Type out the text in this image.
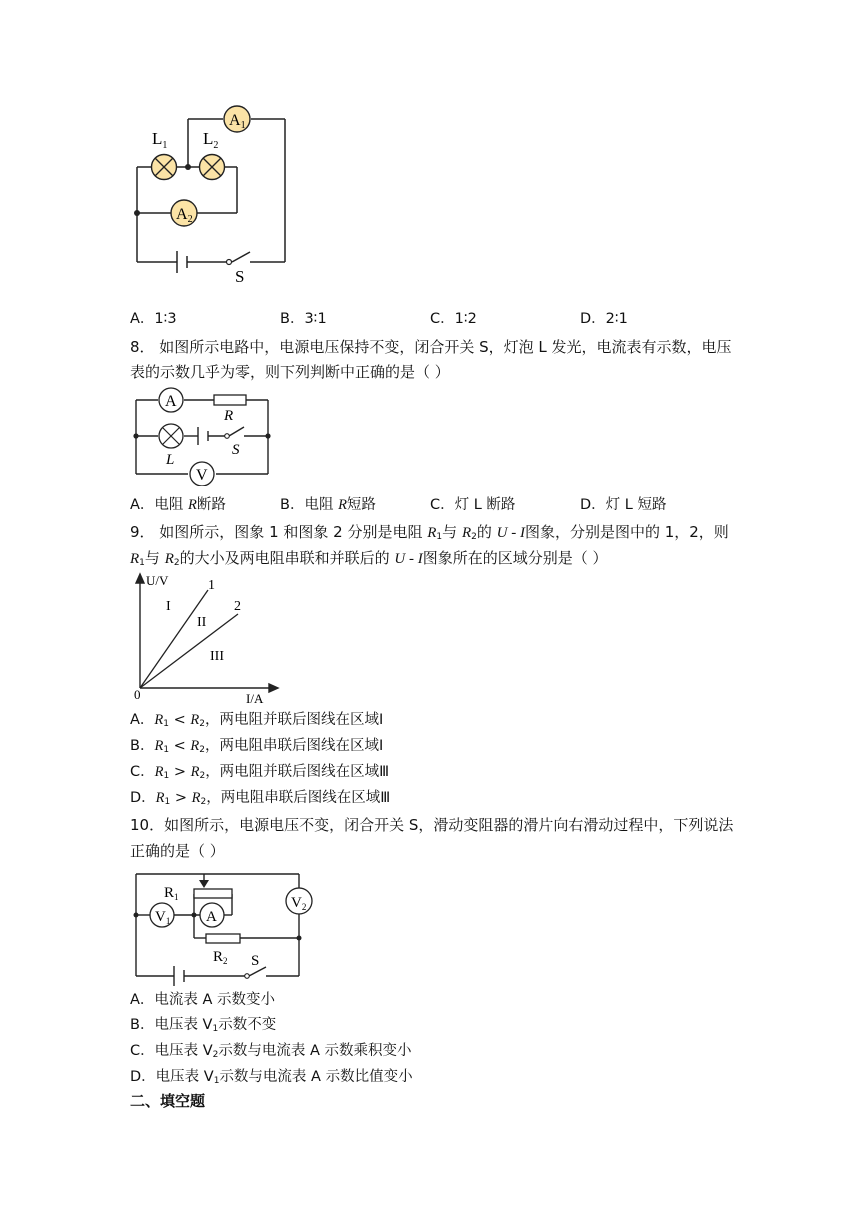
A1
A2
$L_1$ $L_2$
S
A．1∶3	B．3∶1	C．1∶2	D．2∶1
8． 如图所示电路中，电源电压保持不变，闭合开关 S，灯泡 L 发光，电流表有示数，电压
表的示数几乎为零，则下列判断中正确的是（ ）
A
V
R
L
S
A．电阻 R断路	B．电阻 R短路	C．灯 L 断路	D．灯 L 短路
9． 如图所示，图象 1 和图象 2 分别是电阻 $R_1$与 $R_2$的 U - I图象，分别是图中的 1，2，则
$R_1$与 $R_2$的大小及两电阻串联和并联后的 U - I图象所在的区域分别是（ ）
U/V
I/A
0
1
2
I
II
III
A．$R_1 < R_2$，两电阻并联后图线在区域Ⅰ
B．$R_1 < R_2$，两电阻串联后图线在区域Ⅰ
C．$R_1 > R_2$，两电阻并联后图线在区域Ⅲ
D．$R_1 > R_2$，两电阻串联后图线在区域Ⅲ
10．如图所示，电源电压不变，闭合开关 S，滑动变阻器的滑片向右滑动过程中，下列说法
正确的是（ ）
$V_1$ A
$V_2$
$R_1$
$R_2$ S
A．电流表 A 示数变小
B．电压表 $V_1$示数不变
C．电压表 $V_2$示数与电流表 A 示数乘积变小
D．电压表 $V_1$示数与电流表 A 示数比值变小
二、填空题
